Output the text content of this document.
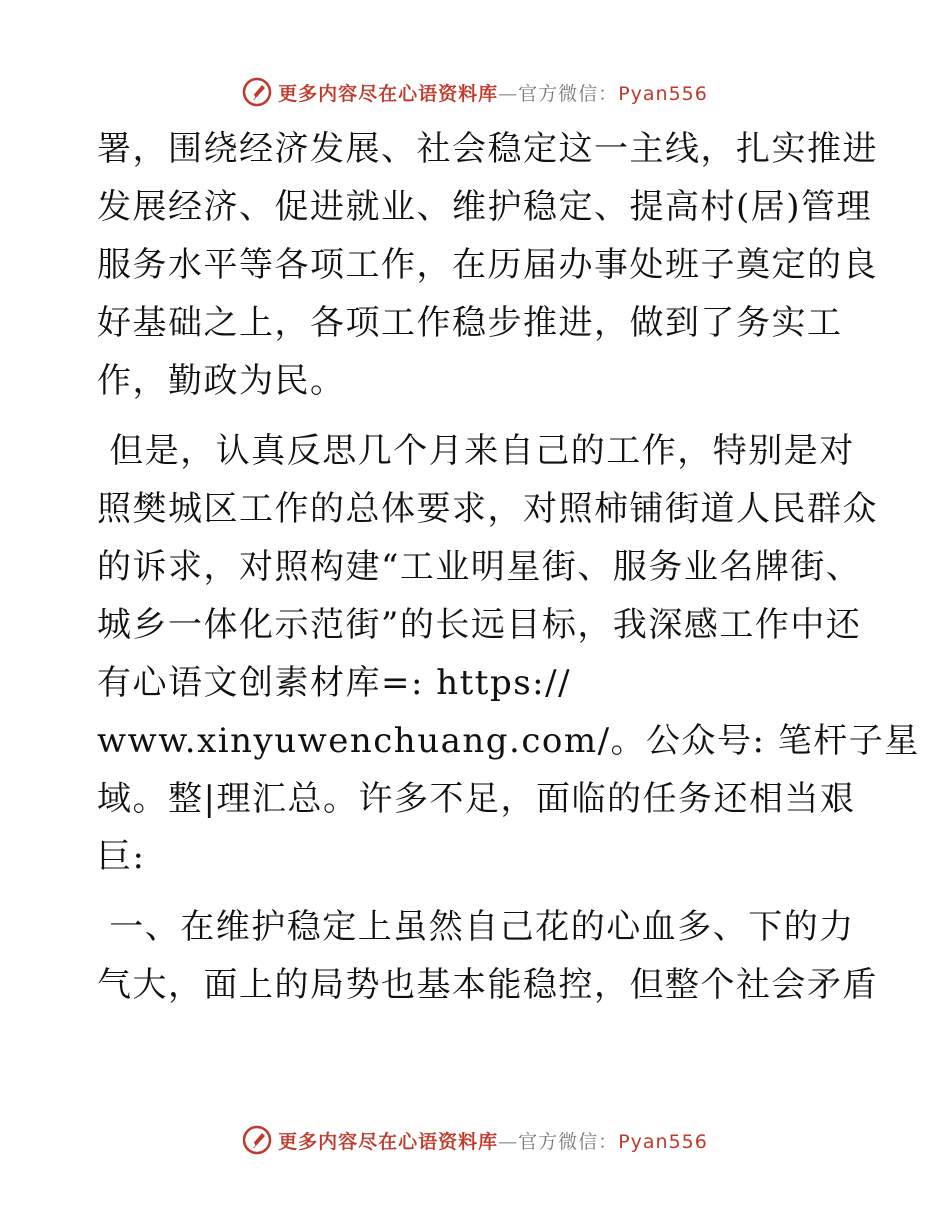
更多内容尽在心语资料库—官方微信：Pyan556
署，围绕经济发展、社会稳定这一主线，扎实推进
发展经济、促进就业、维护稳定、提高村(居)管理
服务水平等各项工作，在历届办事处班子奠定的良
好基础之上，各项工作稳步推进，做到了务实工
作，勤政为民。
但是，认真反思几个月来自己的工作，特别是对
照樊城区工作的总体要求，对照柿铺街道人民群众
的诉求，对照构建“工业明星街、服务业名牌街、
城乡一体化示范街”的长远目标，我深感工作中还
有心语文创素材库=: https://
www.xinyuwenchuang.com/。公众号: 笔杆子星
域。整|理汇总。许多不足，面临的任务还相当艰
巨:
一、在维护稳定上虽然自己花的心血多、下的力
气大，面上的局势也基本能稳控，但整个社会矛盾
更多内容尽在心语资料库—官方微信：Pyan556
